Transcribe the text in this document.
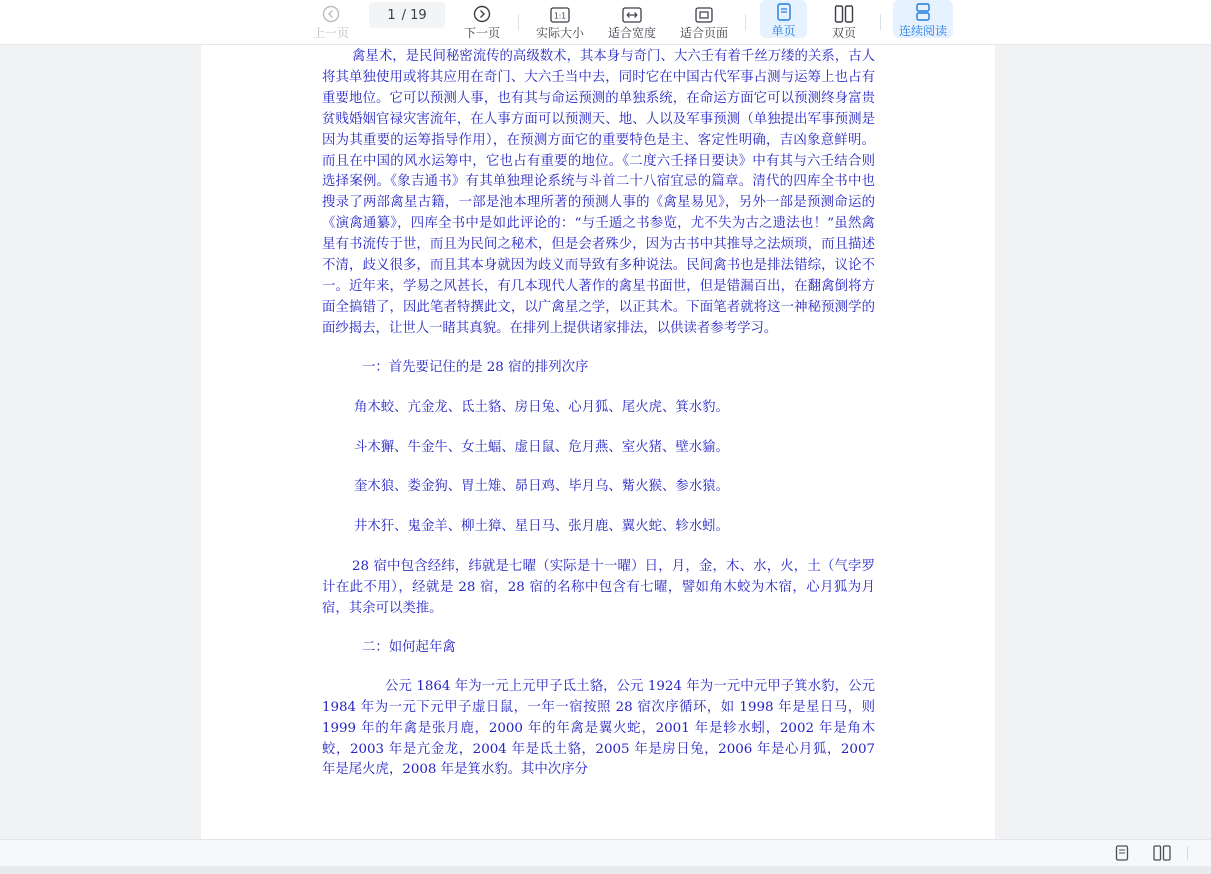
上一页
1 / 19
下一页
1:1
实际大小 适合宽度 适合页面	单页	双页	连续阅读

禽星术，是民间秘密流传的高级数术，其本身与奇门、大六壬有着千丝万缕的关系，古人将其单独使用或将其应用在奇门、大六壬当中去，同时它在中国古代军事占测与运筹上也占有重要地位。它可以预测人事，也有其与命运预测的单独系统，在命运方面它可以预测终身富贵贫贱婚姻官禄灾害流年，在人事方面可以预测天、地、人以及军事预测（单独提出军事预测是因为其重要的运筹指导作用），在预测方面它的重要特色是主、客定性明确，吉凶象意鲜明。而且在中国的风水运筹中，它也占有重要的地位。《二度六壬择日要诀》中有其与六壬结合则选择案例。《象吉通书》有其单独理论系统与斗首二十八宿宜忌的篇章。清代的四库全书中也搜录了两部禽星古籍，一部是池本理所著的预测人事的《禽星易见》，另外一部是预测命运的《演禽通纂》，四库全书中是如此评论的：“与壬遁之书参览，尤不失为古之遗法也！”虽然禽星有书流传于世，而且为民间之秘术，但是会者殊少，因为古书中其推导之法烦琐，而且描述不清，歧义很多，而且其本身就因为歧义而导致有多种说法。民间禽书也是排法错综，议论不一。近年来，学易之风甚长，有几本现代人著作的禽星书面世，但是错漏百出，在翻禽倒将方面全搞错了，因此笔者特撰此文，以广禽星之学，以正其术。下面笔者就将这一神秘预测学的面纱揭去，让世人一睹其真貌。在排列上提供诸家排法，以供读者参考学习。

一：首先要记住的是 28 宿的排列次序

角木蛟、亢金龙、氐土貉、房日兔、心月狐、尾火虎、箕水豹。

斗木獬、牛金牛、女土蝠、虚日鼠、危月燕、室火猪、壁水貐。

奎木狼、娄金狗、胃土雉、昴日鸡、毕月乌、觜火猴、参水猿。

井木犴、鬼金羊、柳土獐、星日马、张月鹿、翼火蛇、轸水蚓。

28 宿中包含经纬，纬就是七曜（实际是十一曜）日，月，金，木、水，火，土（气孛罗计在此不用），经就是 28 宿，28 宿的名称中包含有七曜，譬如角木蛟为木宿，心月狐为月宿，其余可以类推。

二：如何起年禽

公元 1864 年为一元上元甲子氐土貉，公元 1924 年为一元中元甲子箕水豹，公元 1984 年为一元下元甲子虚日鼠，一年一宿按照 28 宿次序循环，如 1998 年是星日马，则 1999 年的年禽是张月鹿，2000 年的年禽是翼火蛇，2001 年是轸水蚓，2002 年是角木蛟，2003 年是亢金龙，2004 年是氐土貉，2005 年是房日兔，2006 年是心月狐，2007 年是尾火虎，2008 年是箕水豹。其中次序分
